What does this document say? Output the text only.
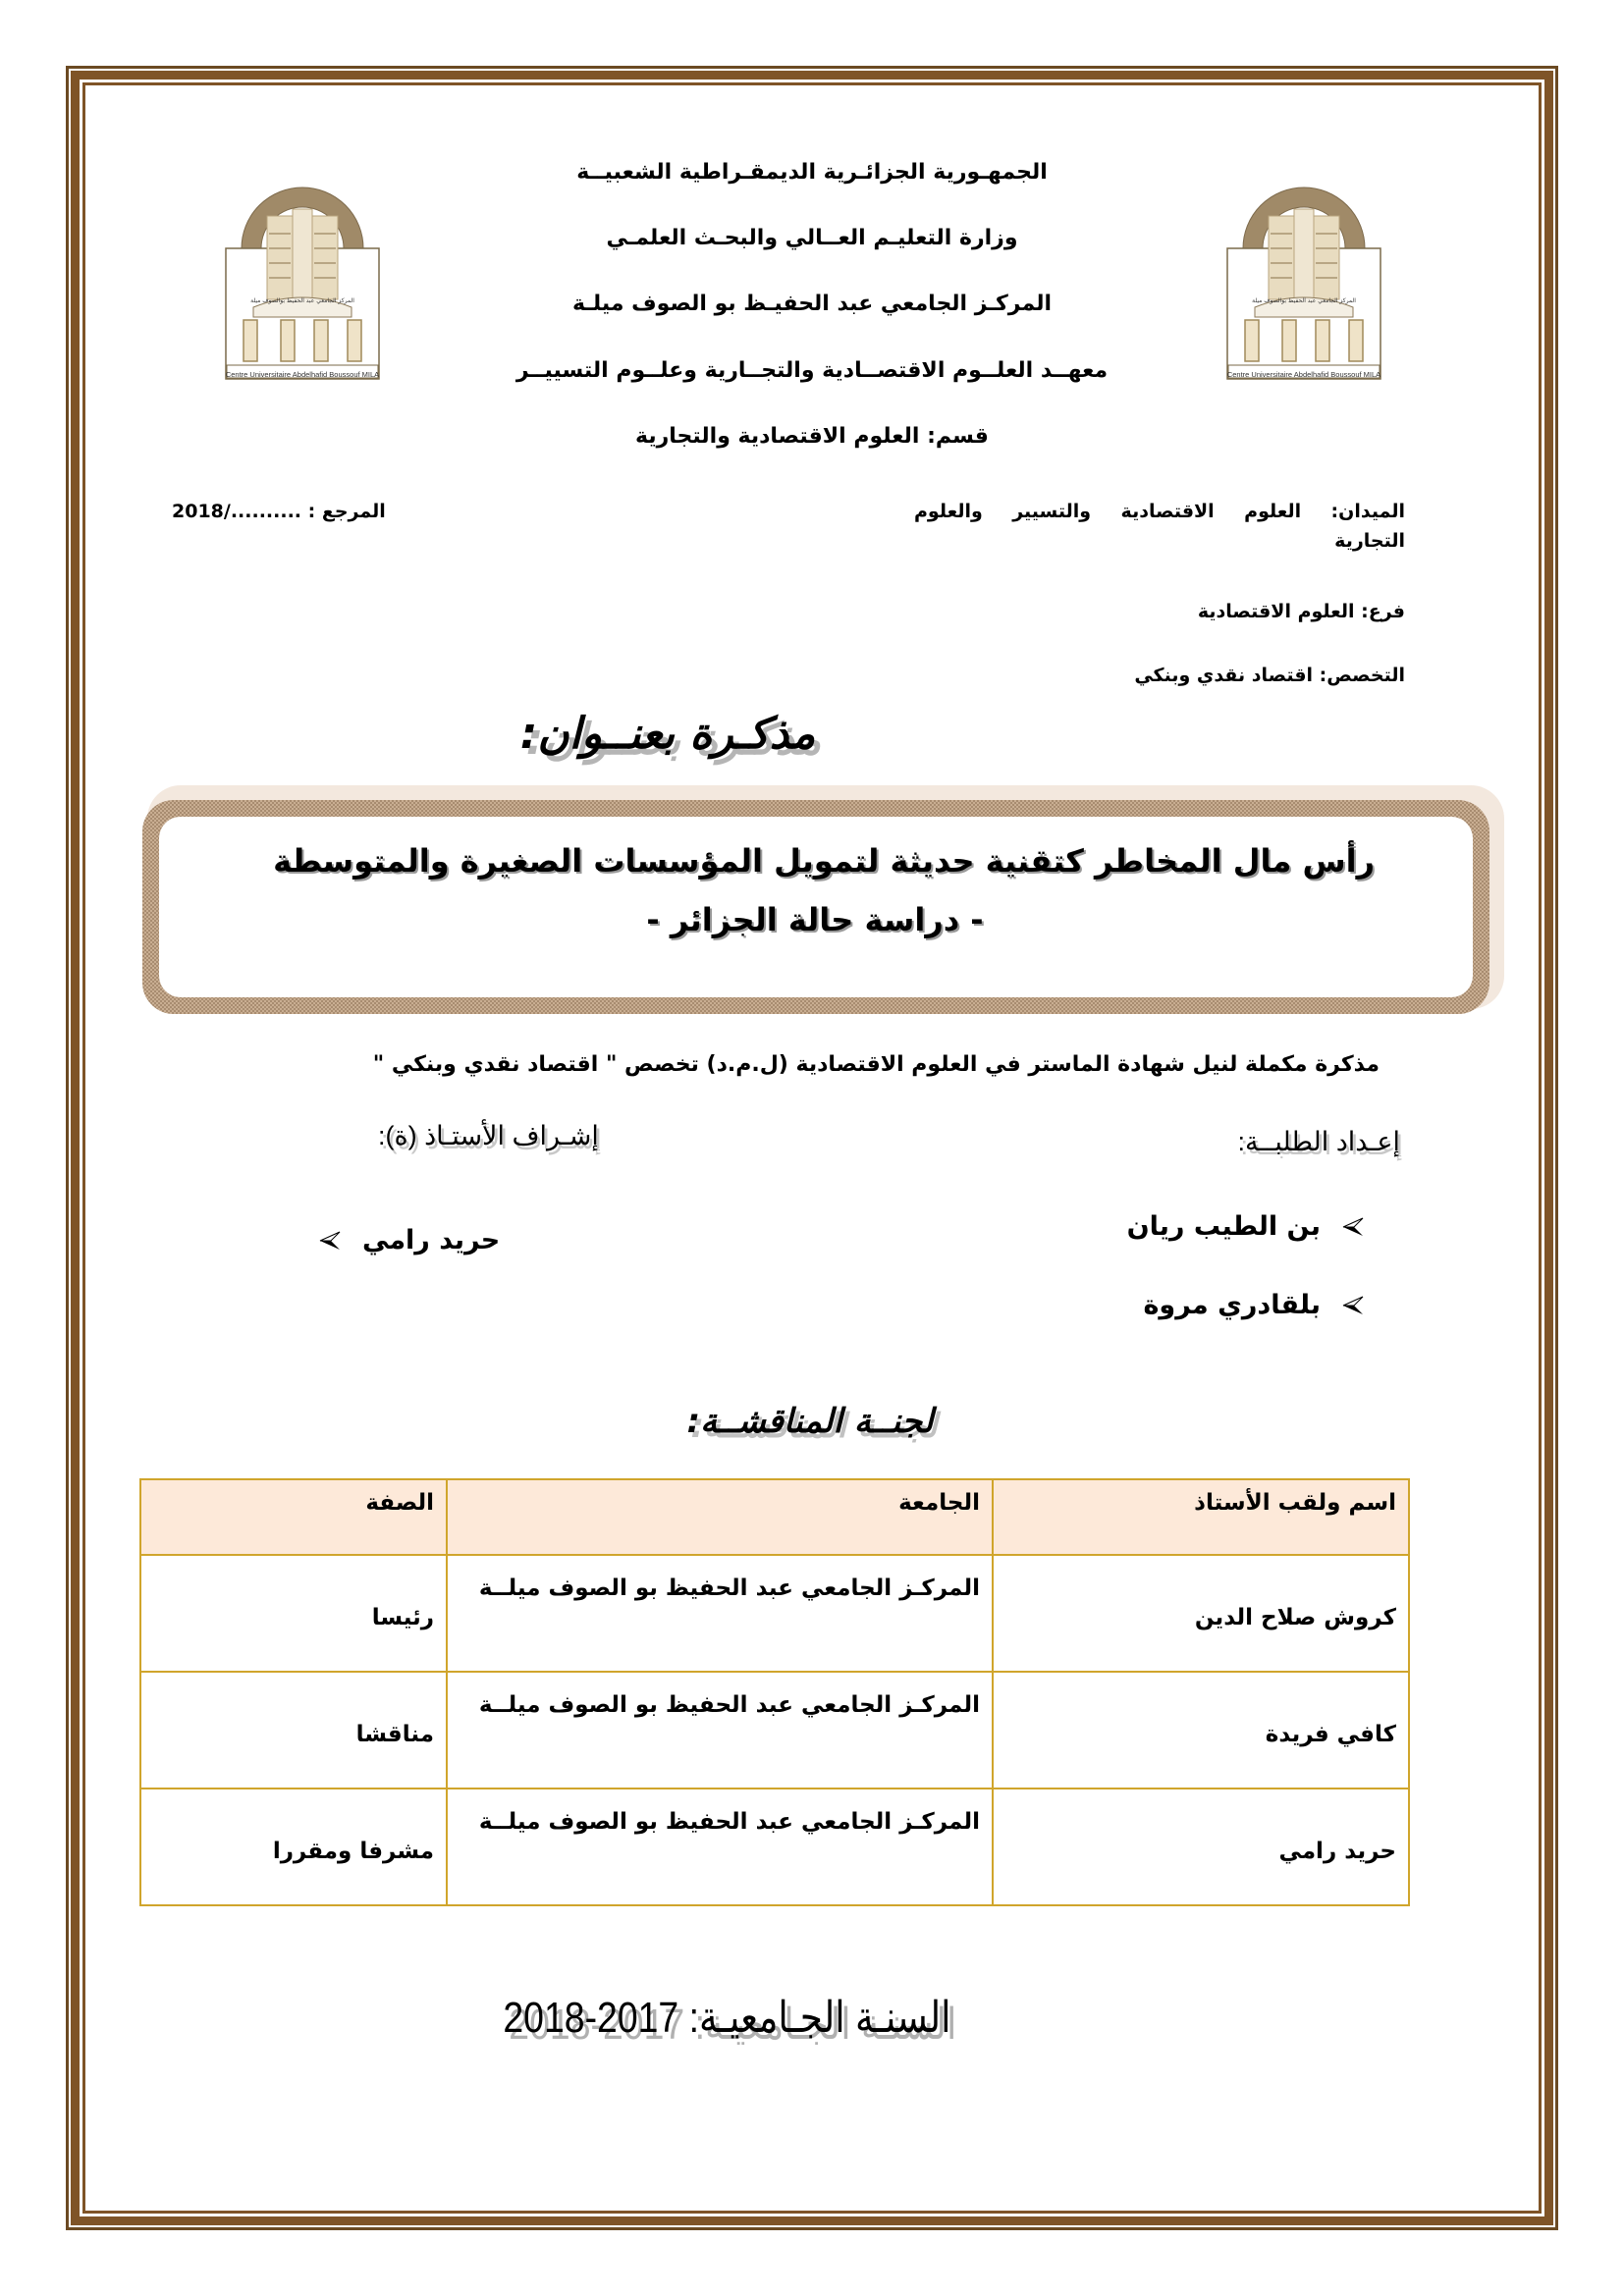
المركز الجامعي عبد الحفيظ بوالصوف ميلة
Centre Universitaire Abdelhafid Boussouf MILA
المركز الجامعي عبد الحفيظ بوالصوف ميلة
Centre Universitaire Abdelhafid Boussouf MILA
الجمهـورية الجزائـرية الديمقـراطية الشعبيــة
وزارة التعليـم العــالي والبحـث العلمـي
المركـز الجامعي عبد الحفيـظ بو الصوف ميلـة
معهــد العلــوم الاقتصــادية والتجــارية وعلــوم التسييــر
قسم: العلوم الاقتصادية والتجارية
الميدان: العلوم الاقتصادية والتسيير والعلوم
التجارية
المرجع : ........../2018
فرع: العلوم الاقتصادية
التخصص: اقتصاد نقدي وبنكي
مذكـرة بعنــوان:
رأس مال المخاطر كتقنية حديثة لتمويل المؤسسات الصغيرة والمتوسطة
- دراسة حالة الجزائر -
مذكرة مكملة لنيل شهادة الماستر في العلوم الاقتصادية (ل.م.د) تخصص " اقتصاد نقدي وبنكي "
إعـداد الطلبــة:
إشـراف الأستـاذ (ة):
بن الطيب ريان
بلقادري مروة
حريد رامي
لجنــة المناقشــة:
اسم ولقب الأستاذ	الجامعة	الصفة
كروش صلاح الدين	المركـز الجامعي عبد الحفيظ بو الصوف ميلــة	رئيسا
كافي فريدة	المركـز الجامعي عبد الحفيظ بو الصوف ميلــة	مناقشا
حريد رامي	المركـز الجامعي عبد الحفيظ بو الصوف ميلــة	مشرفا ومقررا
السنـة الجـامعيـة: 2017-2018
